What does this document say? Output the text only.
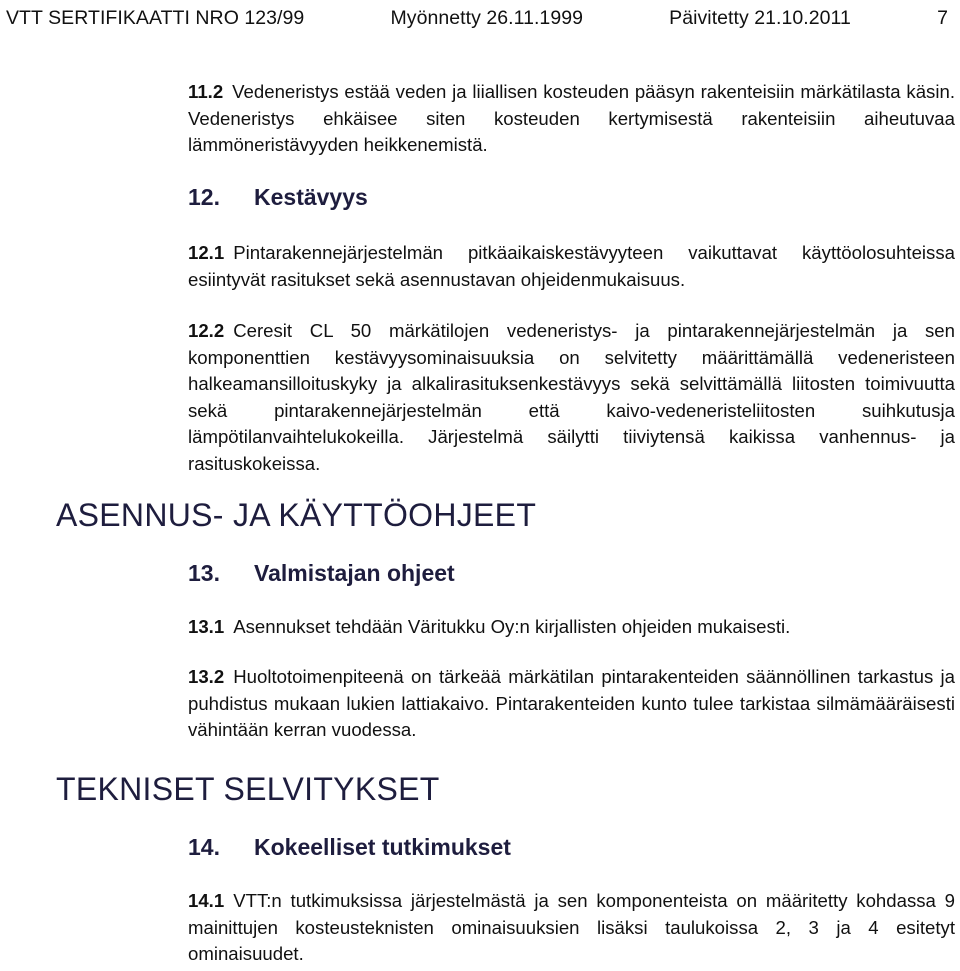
VTT SERTIFIKAATTI NRO 123/99	Myönnetty 26.11.1999	Päivitetty 21.10.2011	7

11.2 Vedeneristys estää veden ja liiallisen kosteuden pääsyn rakenteisiin märkätilasta käsin. Vedeneristys ehkäisee siten kosteuden kertymisestä rakenteisiin aiheutuvaa lämmöneristävyyden heikkenemistä.

12. Kestävyys

12.1 Pintarakennejärjestelmän pitkäaikaiskestävyyteen vaikuttavat käyttöolosuhteissa esiintyvät rasitukset sekä asennustavan ohjeidenmukaisuus.

12.2 Ceresit CL 50 märkätilojen vedeneristys- ja pintarakennejärjestelmän ja sen komponenttien kestävyysominaisuuksia on selvitetty määrittämällä vedeneristeen halkeamansilloituskyky ja alkalirasituksenkestävyys sekä selvittämällä liitosten toimivuutta sekä pintarakennejärjestelmän että kaivo-vedeneristeliitosten suihkutusja lämpötilanvaihtelukokeilla. Järjestelmä säilytti tiiviytensä kaikissa vanhennus- ja rasituskokeissa.

ASENNUS- JA KÄYTTÖOHJEET
13. Valmistajan ohjeet

13.1 Asennukset tehdään Väritukku Oy:n kirjallisten ohjeiden mukaisesti.

13.2 Huoltotoimenpiteenä on tärkeää märkätilan pintarakenteiden säännöllinen tarkastus ja puhdistus mukaan lukien lattiakaivo. Pintarakenteiden kunto tulee tarkistaa silmämääräisesti vähintään kerran vuodessa.

TEKNISET SELVITYKSET
14. Kokeelliset tutkimukset

14.1 VTT:n tutkimuksissa järjestelmästä ja sen komponenteista on määritetty kohdassa 9 mainittujen kosteusteknisten ominaisuuksien lisäksi taulukoissa 2, 3 ja 4 esitetyt ominaisuudet.
